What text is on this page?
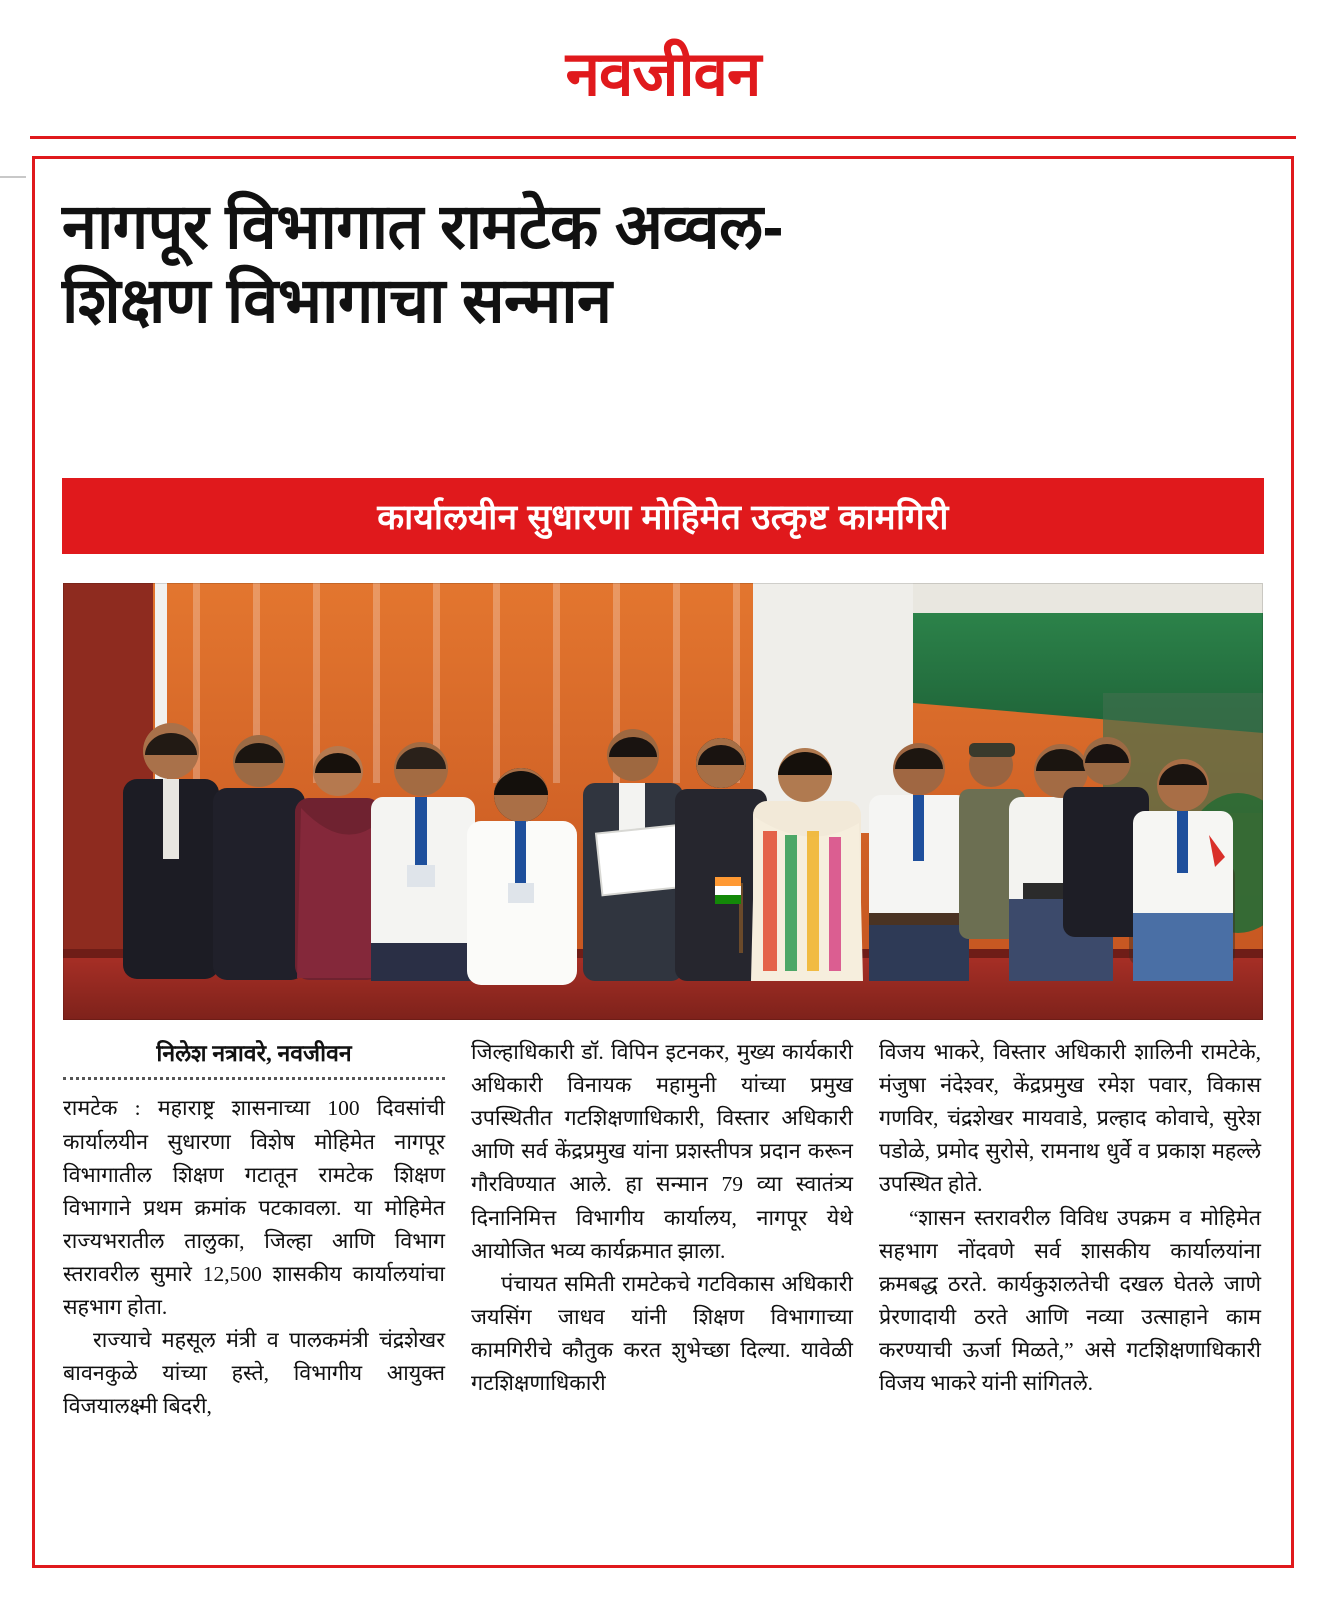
नवजीवन
नागपूर विभागात रामटेक अव्वल-
शिक्षण विभागाचा सन्मान
कार्यालयीन सुधारणा मोहिमेत उत्कृष्ट कामगिरी
निलेश नत्रावरे, नवजीवन

रामटेक : महाराष्ट्र शासनाच्या 100 दिवसांची कार्यालयीन सुधारणा विशेष मोहिमेत नागपूर विभागातील शिक्षण गटातून रामटेक शिक्षण विभागाने प्रथम क्रमांक पटकावला. या मोहिमेत राज्यभरातील तालुका, जिल्हा आणि विभाग स्तरावरील सुमारे 12,500 शासकीय कार्यालयांचा सहभाग होता.

राज्याचे महसूल मंत्री व पालकमंत्री चंद्रशेखर बावनकुळे यांच्या हस्ते, विभागीय आयुक्त विजयालक्ष्मी बिदरी,

जिल्हाधिकारी डॉ. विपिन इटनकर, मुख्य कार्यकारी अधिकारी विनायक महामुनी यांच्या प्रमुख उपस्थितीत गटशिक्षणाधिकारी, विस्तार अधिकारी आणि सर्व केंद्रप्रमुख यांना प्रशस्तीपत्र प्रदान करून गौरविण्यात आले. हा सन्मान 79 व्या स्वातंत्र्य दिनानिमित्त विभागीय कार्यालय, नागपूर येथे आयोजित भव्य कार्यक्रमात झाला.

पंचायत समिती रामटेकचे गटविकास अधिकारी जयसिंग जाधव यांनी शिक्षण विभागाच्या कामगिरीचे कौतुक करत शुभेच्छा दिल्या. यावेळी गटशिक्षणाधिकारी

विजय भाकरे, विस्तार अधिकारी शालिनी रामटेके, मंजुषा नंदेश्वर, केंद्रप्रमुख रमेश पवार, विकास गणविर, चंद्रशेखर मायवाडे, प्रल्हाद कोवाचे, सुरेश पडोळे, प्रमोद सुरोसे, रामनाथ धुर्वे व प्रकाश महल्ले उपस्थित होते.

“शासन स्तरावरील विविध उपक्रम व मोहिमेत सहभाग नोंदवणे सर्व शासकीय कार्यालयांना क्रमबद्ध ठरते. कार्यकुशलतेची दखल घेतले जाणे प्रेरणादायी ठरते आणि नव्या उत्साहाने काम करण्याची ऊर्जा मिळते,” असे गटशिक्षणाधिकारी विजय भाकरे यांनी सांगितले.
